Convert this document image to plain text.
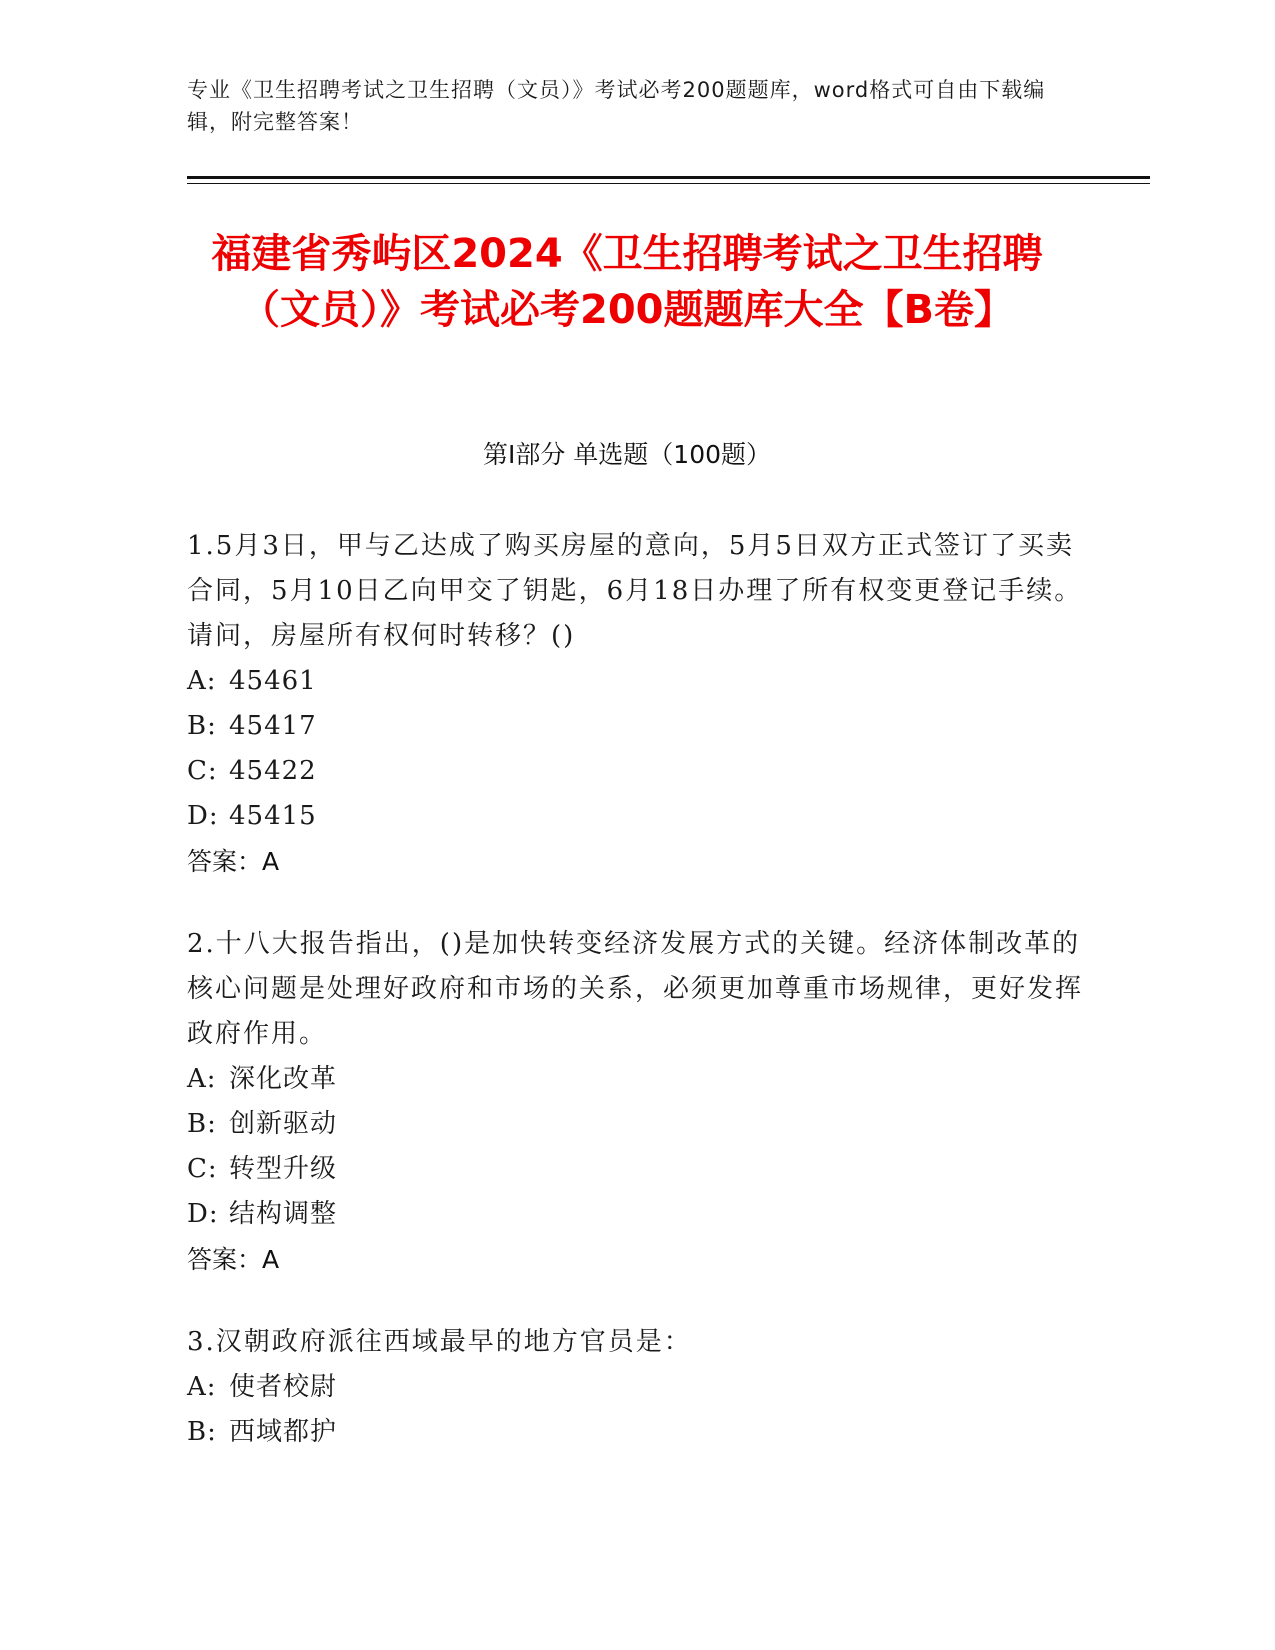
专业《卫生招聘考试之卫生招聘（文员）》考试必考200题题库，word格式可自由下载编辑，附完整答案！
福建省秀屿区2024《卫生招聘考试之卫生招聘（文员）》考试必考200题题库大全【B卷】
第Ⅰ部分 单选题（100题）

1.5月3日，甲与乙达成了购买房屋的意向，5月5日双方正式签订了买卖合同，5月10日乙向甲交了钥匙，6月18日办理了所有权变更登记手续。请问，房屋所有权何时转移？()

A: 45461

B: 45417

C: 45422

D: 45415

答案：A

2.十八大报告指出，()是加快转变经济发展方式的关键。经济体制改革的核心问题是处理好政府和市场的关系，必须更加尊重市场规律，更好发挥政府作用。

A: 深化改革

B: 创新驱动

C: 转型升级

D: 结构调整

答案：A

3.汉朝政府派往西域最早的地方官员是：

A: 使者校尉

B: 西域都护
